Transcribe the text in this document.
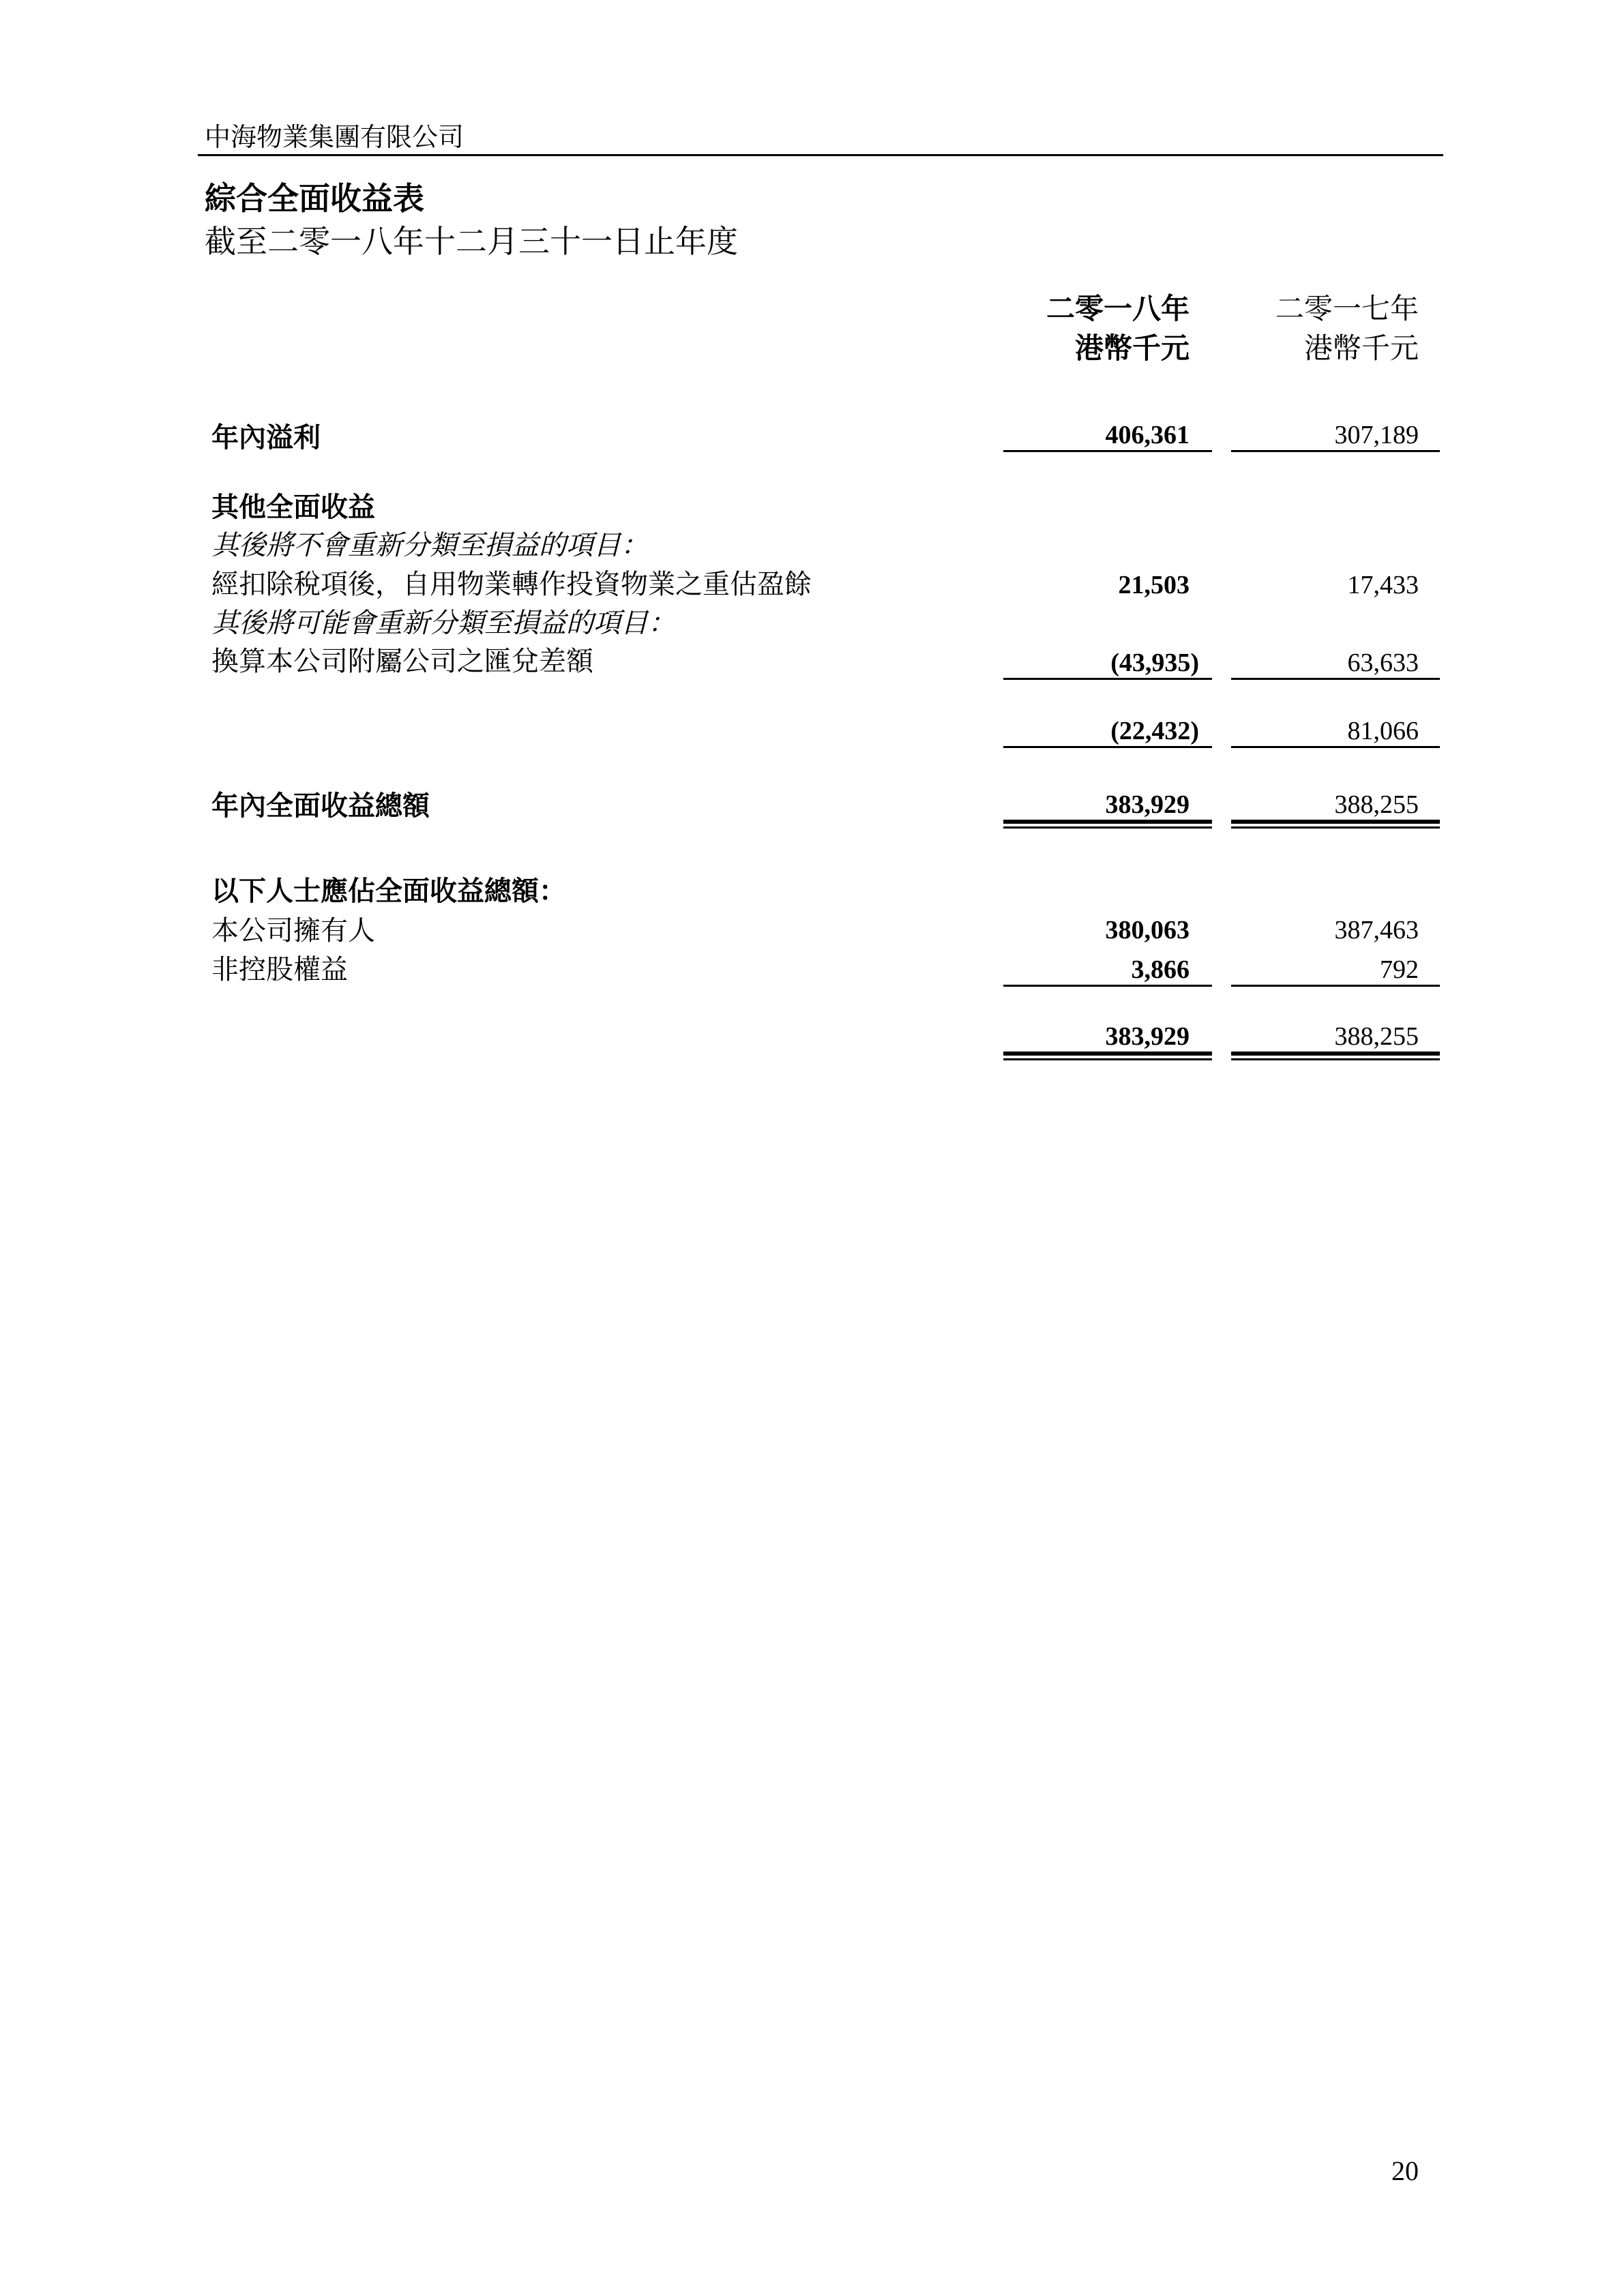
中海物業集團有限公司
綜合全面收益表
截至二零一八年十二月三十一日止年度
二零一八年
港幣千元
二零一七年
港幣千元
年內溢利	406,361	307,189
其他全面收益
其後將不會重新分類至損益的項目：
經扣除稅項後，自用物業轉作投資物業之重估盈餘	21,503	17,433
其後將可能會重新分類至損益的項目：
換算本公司附屬公司之匯兌差額	(43,935)	63,633
(22,432)	81,066
年內全面收益總額	383,929	388,255
以下人士應佔全面收益總額：
本公司擁有人	380,063	387,463
非控股權益	3,866	792
383,929	388,255
20
